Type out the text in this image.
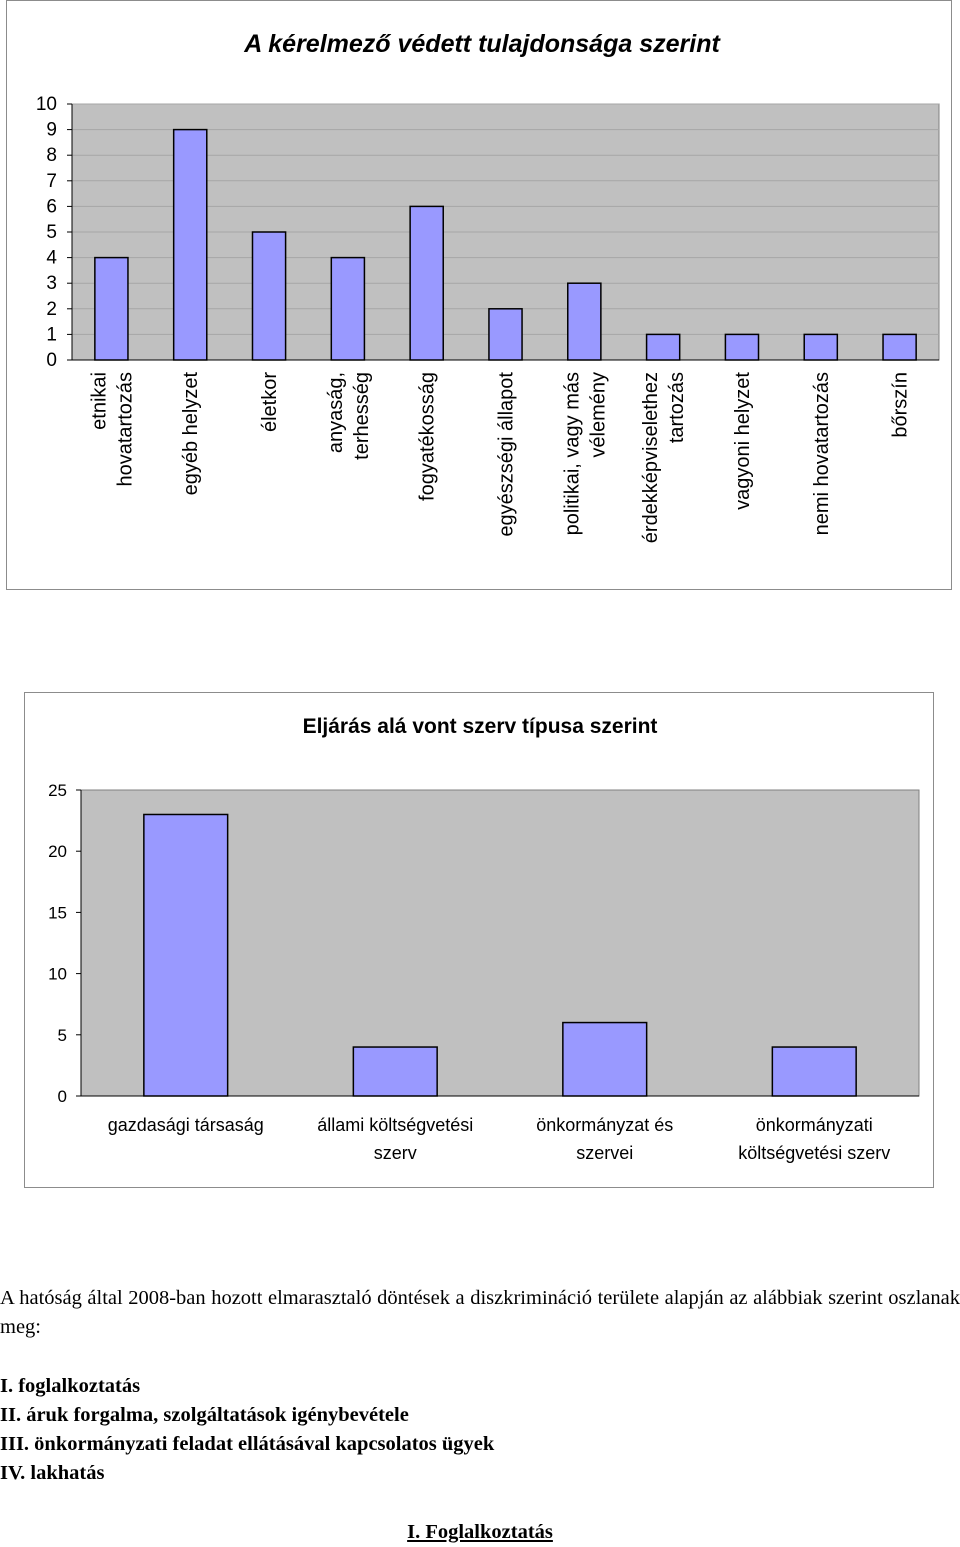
A kérelmező védett tulajdonsága szerint
0
1
2
3
4
5
6
7
8
9
10
etnikai hovatartozás egyéb helyzet	életkor anyaság, terhesség fogyatékosság	egyészségi állapot politikai, vagy más vélemény érdekképviselethez tartozás vagyoni helyzet	nemi hovatartozás	bőrszín
Eljárás alá vont szerv típusa szerint
0
5
10
15
20
25
gazdasági társaság	állami költségvetési
szerv
önkormányzat és
szervei
önkormányzati
költségvetési szerv
A hatóság által 2008-ban hozott elmarasztaló döntések a diszkrimináció területe alapján az alábbiak szerint oszlanak meg:
I. foglalkoztatás
II. áruk forgalma, szolgáltatások igénybevétele
III. önkormányzati feladat ellátásával kapcsolatos ügyek
IV. lakhatás
I. Foglalkoztatás
